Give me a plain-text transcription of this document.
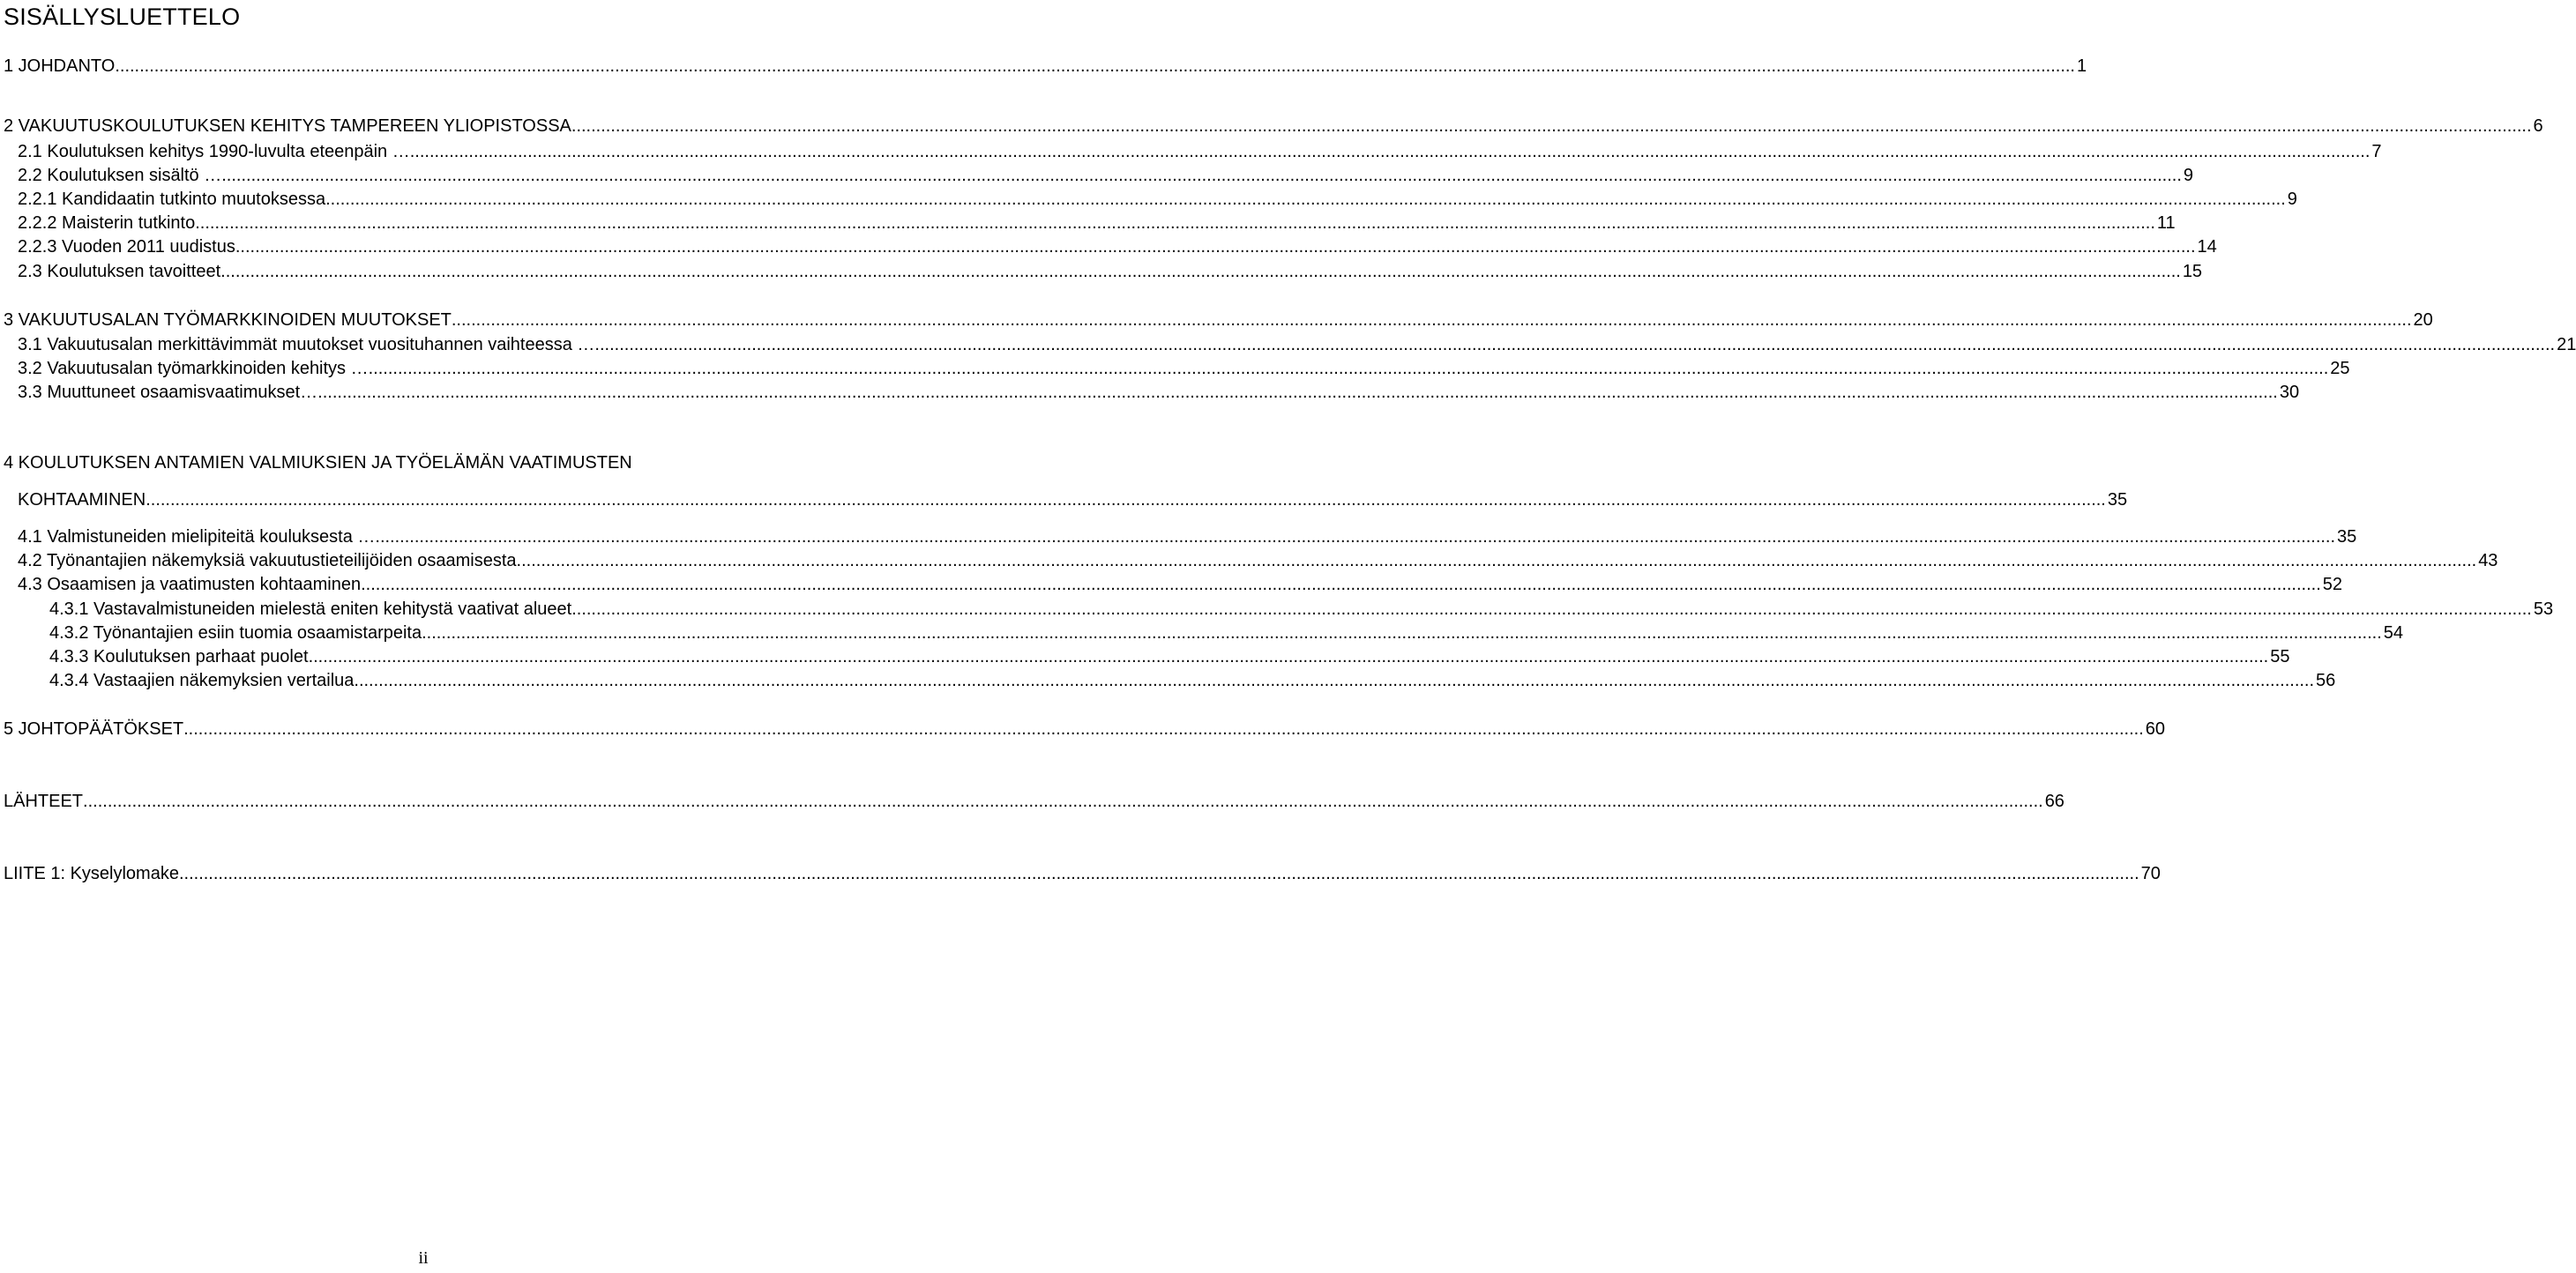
SISÄLLYSLUETTELO
1 JOHDANTO ................................................................................................................................................................................................................................................................................................................................................................................................................ 1
2 VAKUUTUSKOULUTUKSEN KEHITYS TAMPEREEN YLIOPISTOSSA ................................................................................................................................................................................................................................................................................................................................................................................................................ 6
2.1 Koulutuksen kehitys 1990-luvulta eteenpäin … ................................................................................................................................................................................................................................................................................................................................................................................................................ 7
2.2 Koulutuksen sisältö … ................................................................................................................................................................................................................................................................................................................................................................................................................ 9
2.2.1 Kandidaatin tutkinto muutoksessa ................................................................................................................................................................................................................................................................................................................................................................................................................ 9
2.2.2 Maisterin tutkinto ................................................................................................................................................................................................................................................................................................................................................................................................................ 11
2.2.3 Vuoden 2011 uudistus ................................................................................................................................................................................................................................................................................................................................................................................................................ 14
2.3 Koulutuksen tavoitteet ................................................................................................................................................................................................................................................................................................................................................................................................................ 15
3 VAKUUTUSALAN TYÖMARKKINOIDEN MUUTOKSET ................................................................................................................................................................................................................................................................................................................................................................................................................ 20
3.1 Vakuutusalan merkittävimmät muutokset vuosituhannen vaihteessa … ................................................................................................................................................................................................................................................................................................................................................................................................................ 21
3.2 Vakuutusalan työmarkkinoiden kehitys … ................................................................................................................................................................................................................................................................................................................................................................................................................ 25
3.3 Muuttuneet osaamisvaatimukset… ................................................................................................................................................................................................................................................................................................................................................................................................................ 30
4 KOULUTUKSEN ANTAMIEN VALMIUKSIEN JA TYÖELÄMÄN VAATIMUSTEN
KOHTAAMINEN ................................................................................................................................................................................................................................................................................................................................................................................................................ 35
4.1 Valmistuneiden mielipiteitä kouluksesta … ................................................................................................................................................................................................................................................................................................................................................................................................................ 35
4.2 Työnantajien näkemyksiä vakuutustieteilijöiden osaamisesta ................................................................................................................................................................................................................................................................................................................................................................................................................ 43
4.3 Osaamisen ja vaatimusten kohtaaminen ................................................................................................................................................................................................................................................................................................................................................................................................................ 52
4.3.1 Vastavalmistuneiden mielestä eniten kehitystä vaativat alueet ................................................................................................................................................................................................................................................................................................................................................................................................................ 53
4.3.2 Työnantajien esiin tuomia osaamistarpeita ................................................................................................................................................................................................................................................................................................................................................................................................................ 54
4.3.3 Koulutuksen parhaat puolet ................................................................................................................................................................................................................................................................................................................................................................................................................ 55
4.3.4 Vastaajien näkemyksien vertailua ................................................................................................................................................................................................................................................................................................................................................................................................................ 56
5 JOHTOPÄÄTÖKSET ................................................................................................................................................................................................................................................................................................................................................................................................................ 60
LÄHTEET ................................................................................................................................................................................................................................................................................................................................................................................................................ 66
LIITE 1: Kyselylomake ................................................................................................................................................................................................................................................................................................................................................................................................................ 70
ii
